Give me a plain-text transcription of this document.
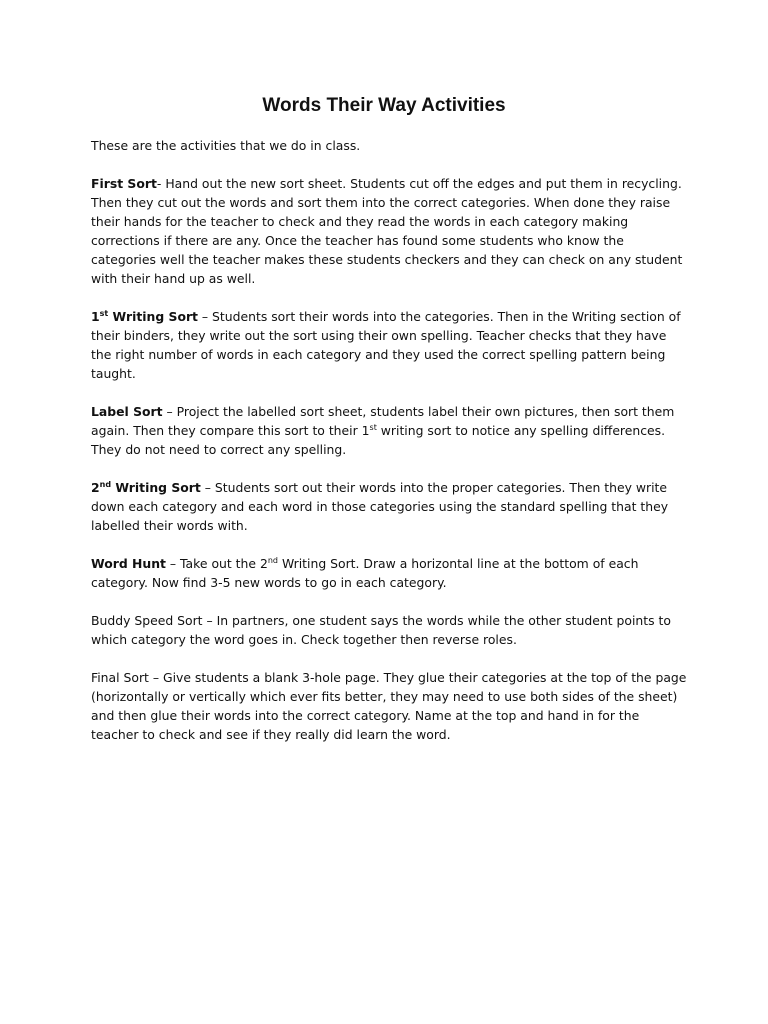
Words Their Way Activities

These are the activities that we do in class.

First Sort- Hand out the new sort sheet. Students cut off the edges and put them in recycling.
Then they cut out the words and sort them into the correct categories. When done they raise
their hands for the teacher to check and they read the words in each category making
corrections if there are any. Once the teacher has found some students who know the
categories well the teacher makes these students checkers and they can check on any student
with their hand up as well.

1st Writing Sort – Students sort their words into the categories. Then in the Writing section of
their binders, they write out the sort using their own spelling. Teacher checks that they have
the right number of words in each category and they used the correct spelling pattern being
taught.

Label Sort – Project the labelled sort sheet, students label their own pictures, then sort them
again. Then they compare this sort to their 1st writing sort to notice any spelling differences.
They do not need to correct any spelling.

2nd Writing Sort – Students sort out their words into the proper categories. Then they write
down each category and each word in those categories using the standard spelling that they
labelled their words with.

Word Hunt – Take out the 2nd Writing Sort. Draw a horizontal line at the bottom of each
category. Now find 3-5 new words to go in each category.

Buddy Speed Sort – In partners, one student says the words while the other student points to
which category the word goes in. Check together then reverse roles.

Final Sort – Give students a blank 3-hole page. They glue their categories at the top of the page
(horizontally or vertically which ever fits better, they may need to use both sides of the sheet)
and then glue their words into the correct category. Name at the top and hand in for the
teacher to check and see if they really did learn the word.
